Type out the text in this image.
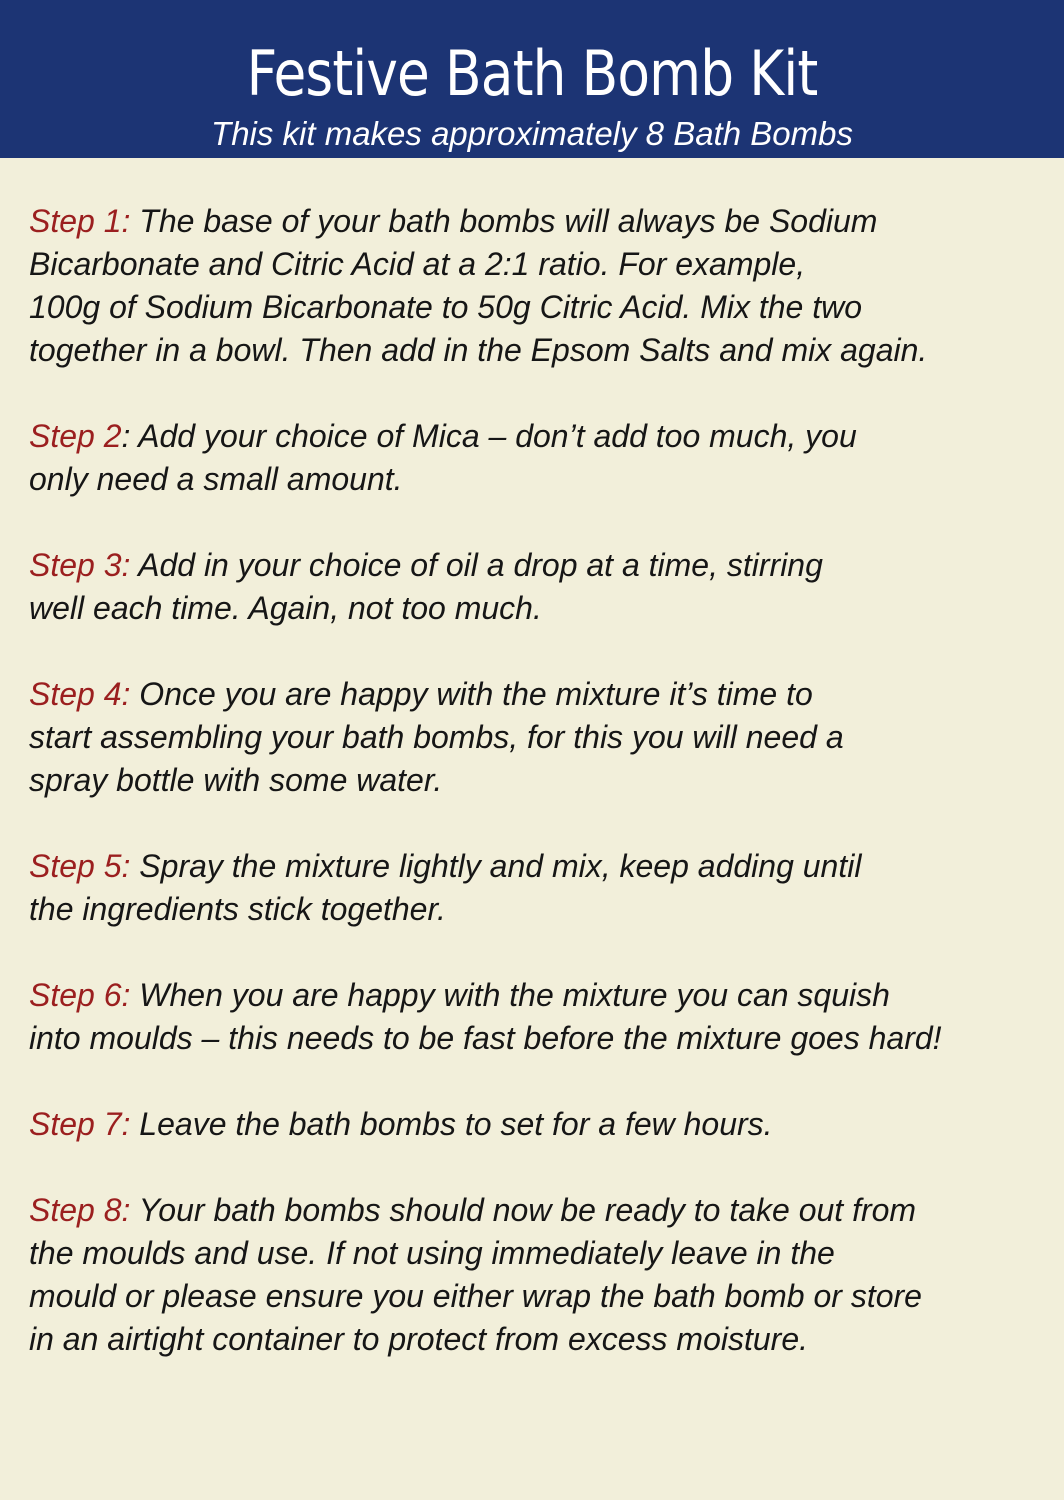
Festive Bath Bomb Kit
This kit makes approximately 8 Bath Bombs
Step 1: The base of your bath bombs will always be Sodium
Bicarbonate and Citric Acid at a 2:1 ratio. For example,
100g of Sodium Bicarbonate to 50g Citric Acid. Mix the two
together in a bowl. Then add in the Epsom Salts and mix again.
Step 2: Add your choice of Mica – don’t add too much, you
only need a small amount.
Step 3: Add in your choice of oil a drop at a time, stirring
well each time. Again, not too much.
Step 4: Once you are happy with the mixture it’s time to
start assembling your bath bombs, for this you will need a
spray bottle with some water.
Step 5: Spray the mixture lightly and mix, keep adding until
the ingredients stick together.
Step 6: When you are happy with the mixture you can squish
into moulds – this needs to be fast before the mixture goes hard!
Step 7: Leave the bath bombs to set for a few hours.
Step 8: Your bath bombs should now be ready to take out from
the moulds and use. If not using immediately leave in the
mould or please ensure you either wrap the bath bomb or store
in an airtight container to protect from excess moisture.
